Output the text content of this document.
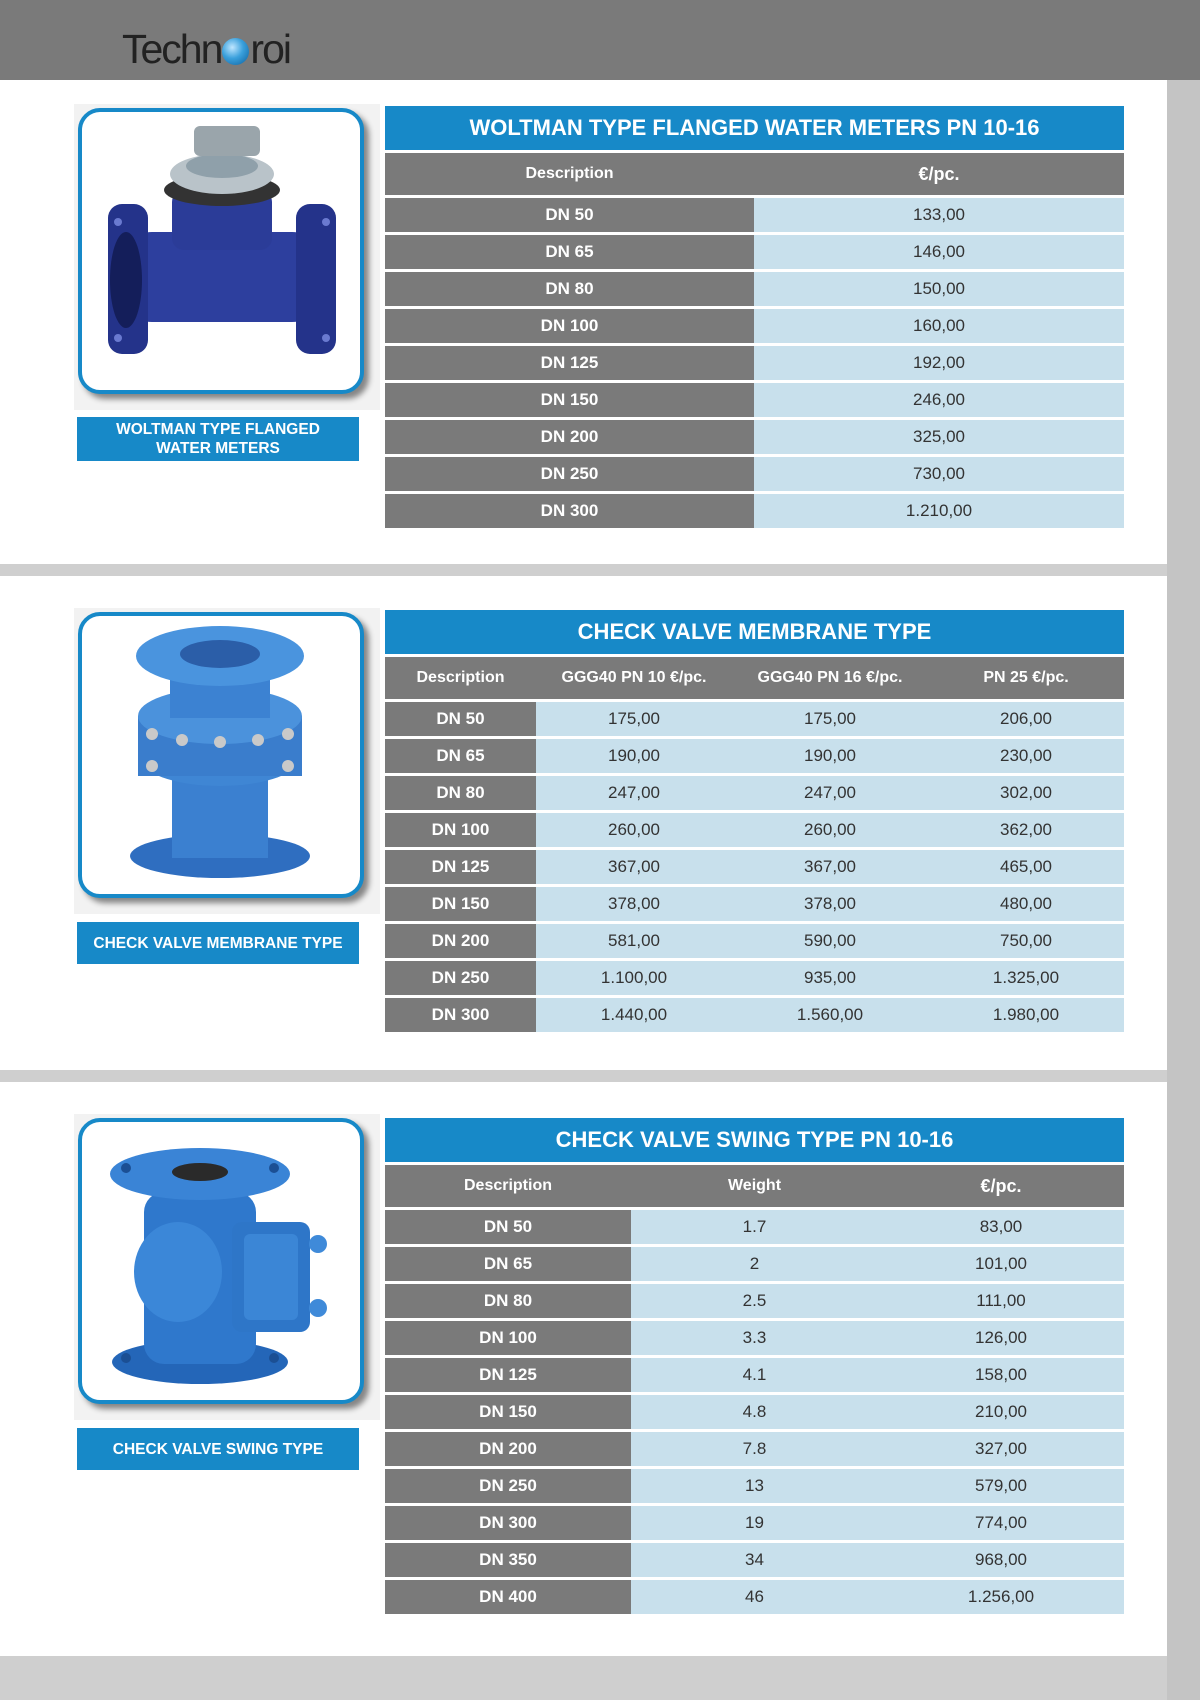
Techn roi
WOLTMAN TYPE FLANGED WATER METERS
WOLTMAN TYPE FLANGED WATER METERS PN 10-16	
Description	€/pc.
DN 50	133,00
DN 65	146,00
DN 80	150,00
DN 100	160,00
DN 125	192,00
DN 150	246,00
DN 200	325,00
DN 250	730,00
DN 300	1.210,00
CHECK VALVE MEMBRANE TYPE
CHECK VALVE MEMBRANE TYPE			
Description	GGG40 PN 10 €/pc.	GGG40 PN 16 €/pc.	PN 25 €/pc.
DN 50	175,00	175,00	206,00
DN 65	190,00	190,00	230,00
DN 80	247,00	247,00	302,00
DN 100	260,00	260,00	362,00
DN 125	367,00	367,00	465,00
DN 150	378,00	378,00	480,00
DN 200	581,00	590,00	750,00
DN 250	1.100,00	935,00	1.325,00
DN 300	1.440,00	1.560,00	1.980,00
CHECK VALVE SWING TYPE
CHECK VALVE SWING TYPE PN 10-16		
Description	Weight	€/pc.
DN 50	1.7	83,00
DN 65	2	101,00
DN 80	2.5	111,00
DN 100	3.3	126,00
DN 125	4.1	158,00
DN 150	4.8	210,00
DN 200	7.8	327,00
DN 250	13	579,00
DN 300	19	774,00
DN 350	34	968,00
DN 400	46	1.256,00
